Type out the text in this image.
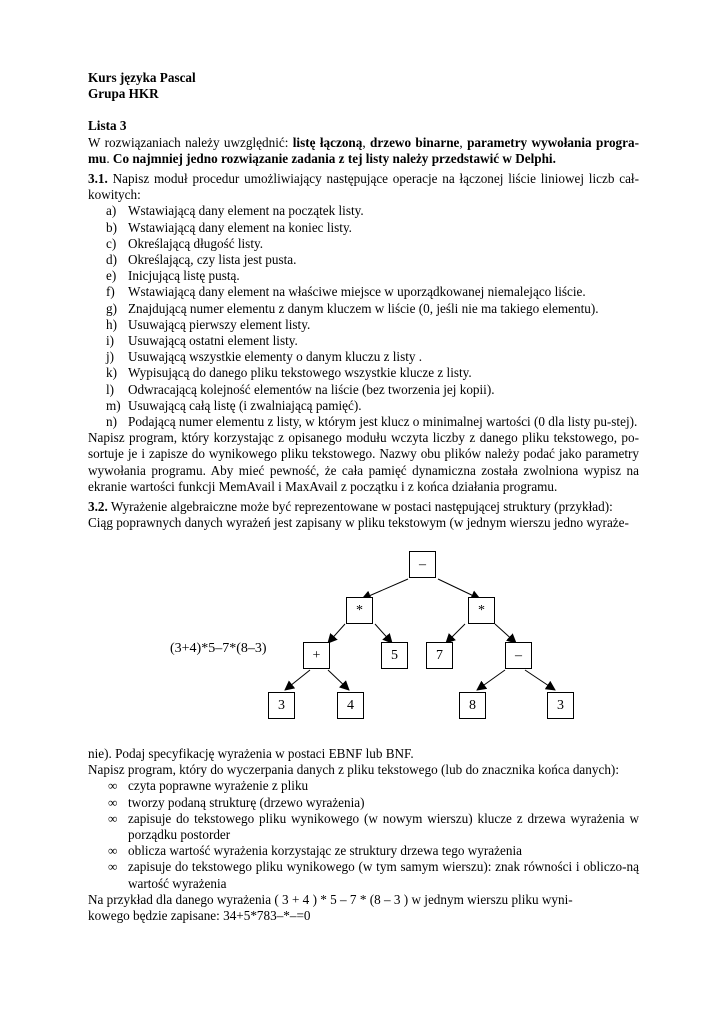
Kurs języka Pascal
Grupa HKR
Lista 3
W rozwiązaniach należy uwzględnić: listę łączoną, drzewo binarne, parametry wywołania progra-mu. Co najmniej jedno rozwiązanie zadania z tej listy należy przedstawić w Delphi.
3.1. Napisz moduł procedur umożliwiający następujące operacje na łączonej liście liniowej liczb cał-kowitych:
a) Wstawiającą dany element na początek listy.
b) Wstawiającą dany element na koniec listy.
c) Określającą długość listy.
d) Określającą, czy lista jest pusta.
e) Inicjującą listę pustą.
f)	Wstawiającą dany element na właściwe miejsce w uporządkowanej niemalejąco liście.
g) Znajdującą numer elementu z danym kluczem w liście (0, jeśli nie ma takiego elementu).
h) Usuwającą pierwszy element listy.
i)	Usuwającą ostatni element listy.
j)	Usuwającą wszystkie elementy o danym kluczu z listy .
k) Wypisującą do danego pliku tekstowego wszystkie klucze z listy.
l)	Odwracającą kolejność elementów na liście (bez tworzenia jej kopii).
m) Usuwającą całą listę (i zwalniającą pamięć).
n) Podającą numer elementu z listy, w którym jest klucz o minimalnej wartości (0 dla listy pu-stej).
Napisz program, który korzystając z opisanego modułu wczyta liczby z danego pliku tekstowego, po-sortuje je i zapisze do wynikowego pliku tekstowego. Nazwy obu plików należy podać jako parametry wywołania programu. Aby mieć pewność, że cała pamięć dynamiczna została zwolniona wypisz na ekranie wartości funkcji MemAvail i MaxAvail z początku i z końca działania programu.
3.2. Wyrażenie algebraiczne może być reprezentowane w postaci następującej struktury (przykład):
Ciąg poprawnych danych wyrażeń jest zapisany w pliku tekstowym (w jednym wierszu jedno wyraże-
(3+4)*5–7*(8–3)
–
*	*
+	5	7	–
3	4	8	3
nie). Podaj specyfikację wyrażenia w postaci EBNF lub BNF.
Napisz program, który do wyczerpania danych z pliku tekstowego (lub do znacznika końca danych):
∞ czyta poprawne wyrażenie z pliku
∞ tworzy podaną strukturę (drzewo wyrażenia)
∞ zapisuje do tekstowego pliku wynikowego (w nowym wierszu) klucze z drzewa wyrażenia w porządku postorder
∞ oblicza wartość wyrażenia korzystając ze struktury drzewa tego wyrażenia
∞ zapisuje do tekstowego pliku wynikowego (w tym samym wierszu): znak równości i obliczo-ną wartość wyrażenia
Na przykład dla danego wyrażenia ( 3 + 4 ) * 5 – 7 * (8 – 3 ) w jednym wierszu pliku wyni-
kowego będzie zapisane: 34+5*783–*–=0
